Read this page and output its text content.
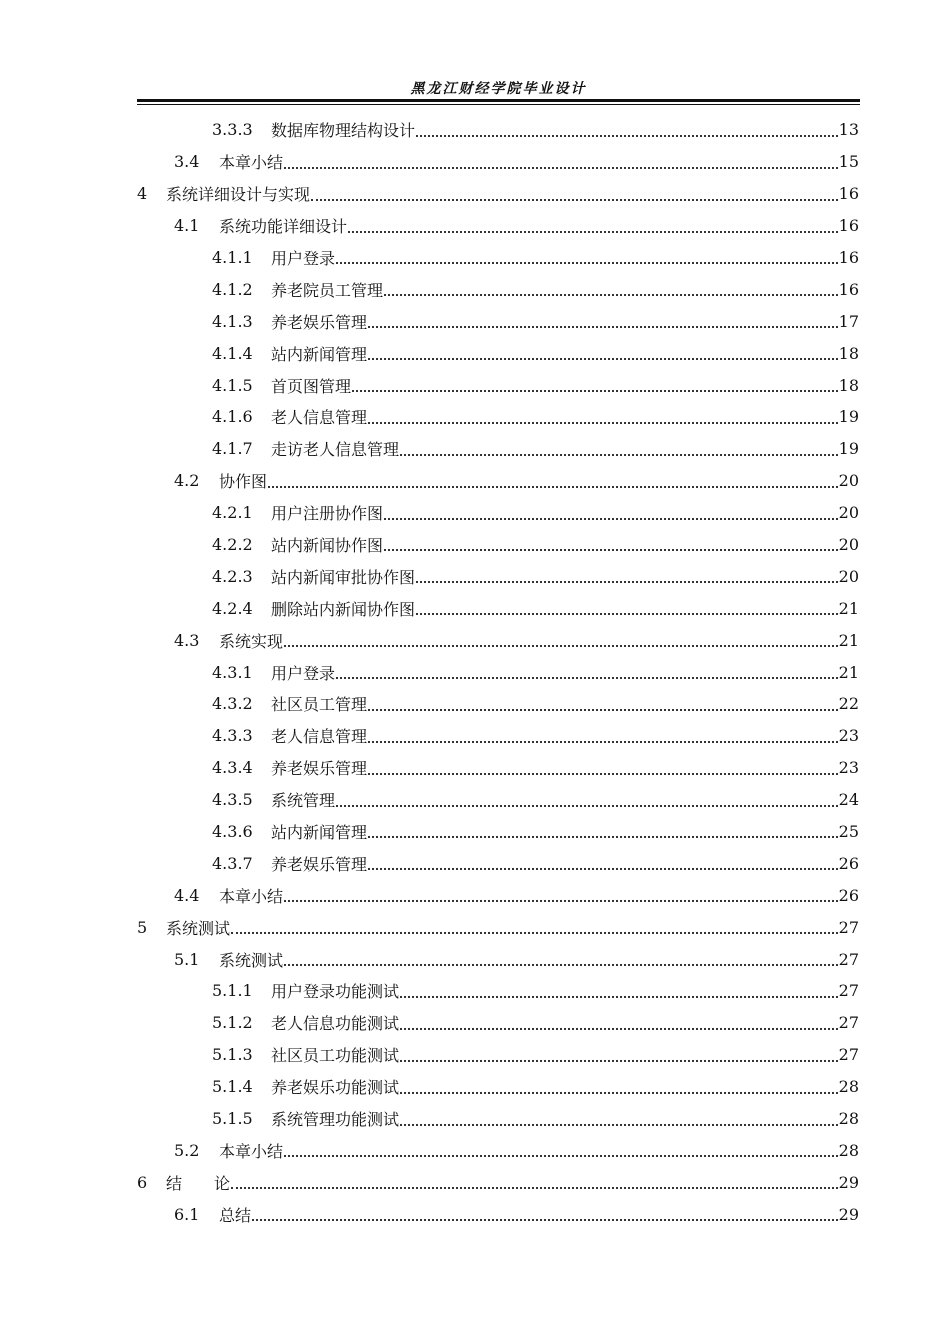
黑龙江财经学院毕业设计
3.3.3	数据库物理结构设计	13
3.4	本章小结	15
4	系统详细设计与实现	16
4.1	系统功能详细设计	16
4.1.1	用户登录	16
4.1.2	养老院员工管理	16
4.1.3	养老娱乐管理	17
4.1.4	站内新闻管理	18
4.1.5	首页图管理	18
4.1.6	老人信息管理	19
4.1.7	走访老人信息管理	19
4.2	协作图	20
4.2.1	用户注册协作图	20
4.2.2	站内新闻协作图	20
4.2.3	站内新闻审批协作图	20
4.2.4	删除站内新闻协作图	21
4.3	系统实现	21
4.3.1	用户登录	21
4.3.2	社区员工管理	22
4.3.3	老人信息管理	23
4.3.4	养老娱乐管理	23
4.3.5	系统管理	24
4.3.6	站内新闻管理	25
4.3.7	养老娱乐管理	26
4.4	本章小结	26
5	系统测试	27
5.1	系统测试	27
5.1.1	用户登录功能测试	27
5.1.2	老人信息功能测试	27
5.1.3	社区员工功能测试	27
5.1.4	养老娱乐功能测试	28
5.1.5	系统管理功能测试	28
5.2	本章小结	28
6	结　　论	29
6.1	总结	29
